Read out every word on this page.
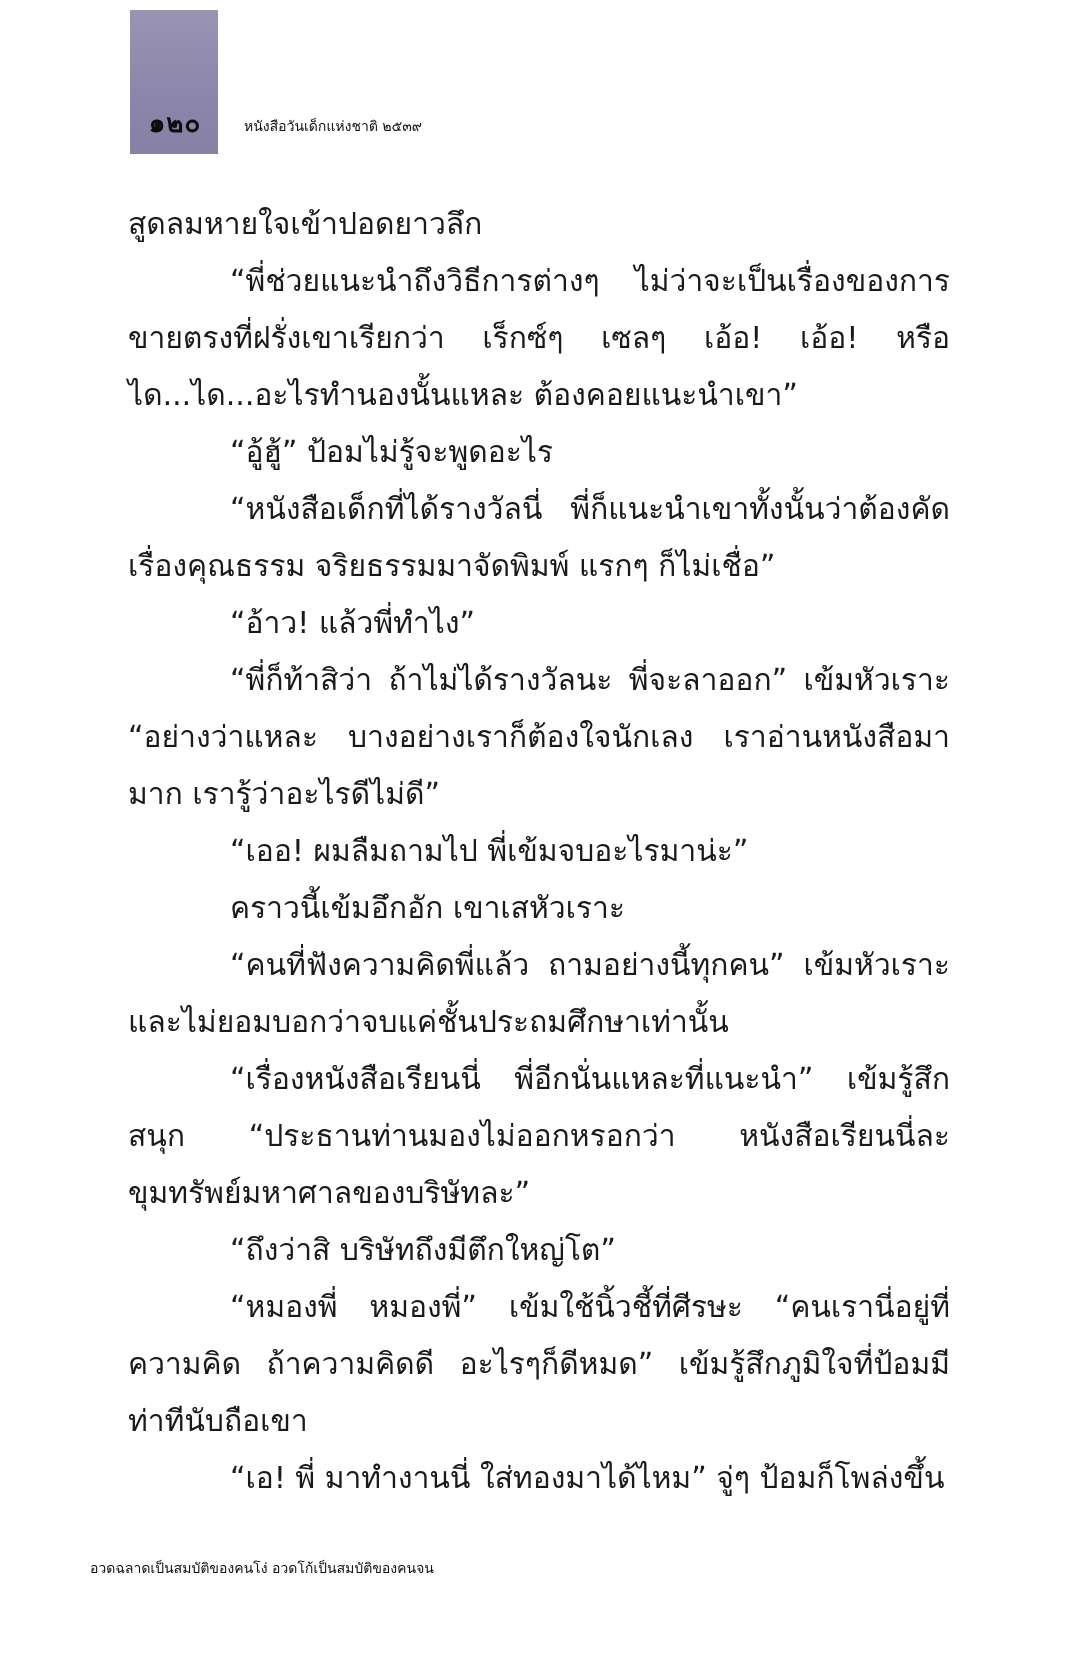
๑๒๐	หนังสือวันเด็กแห่งชาติ ๒๕๓๙

สูดลมหายใจเข้าปอดยาวลึก

“พี่ช่วยแนะนำถึงวิธีการต่างๆ ไม่ว่าจะเป็นเรื่องของการขายตรงที่ฝรั่งเขาเรียกว่า เร็กซ์ๆ เซลๆ เอ้อ! เอ้อ! หรือได...ได...อะไรทำนองนั้นแหละ ต้องคอยแนะนำเขา”

“อู้ฮู้” ป้อมไม่รู้จะพูดอะไร

“หนังสือเด็กที่ได้รางวัลนี่ พี่ก็แนะนำเขาทั้งนั้นว่าต้องคัดเรื่องคุณธรรม จริยธรรมมาจัดพิมพ์ แรกๆ ก็ไม่เชื่อ”

“อ้าว! แล้วพี่ทำไง”

“พี่ก็ท้าสิว่า ถ้าไม่ได้รางวัลนะ พี่จะลาออก” เข้มหัวเราะ “อย่างว่าแหละ บางอย่างเราก็ต้องใจนักเลง เราอ่านหนังสือมามาก เรารู้ว่าอะไรดีไม่ดี”

“เออ! ผมลืมถามไป พี่เข้มจบอะไรมาน่ะ”

คราวนี้เข้มอึกอัก เขาเสหัวเราะ

“คนที่ฟังความคิดพี่แล้ว ถามอย่างนี้ทุกคน” เข้มหัวเราะและไม่ยอมบอกว่าจบแค่ชั้นประถมศึกษาเท่านั้น

“เรื่องหนังสือเรียนนี่ พี่อีกนั่นแหละที่แนะนำ” เข้มรู้สึกสนุก “ประธานท่านมองไม่ออกหรอกว่า หนังสือเรียนนี่ละ ขุมทรัพย์มหาศาลของบริษัทละ”

“ถึงว่าสิ บริษัทถึงมีตึกใหญ่โต”

“หมองพี่ หมองพี่” เข้มใช้นิ้วชี้ที่ศีรษะ “คนเรานี่อยู่ที่ความคิด ถ้าความคิดดี อะไรๆก็ดีหมด” เข้มรู้สึกภูมิใจที่ป้อมมีท่าทีนับถือเขา

“เอ! พี่ มาทำงานนี่ ใส่ทองมาได้ไหม” จู่ๆ ป้อมก็โพล่งขึ้น

อวดฉลาดเป็นสมบัติของคนโง่ อวดโก้เป็นสมบัติของคนจน
